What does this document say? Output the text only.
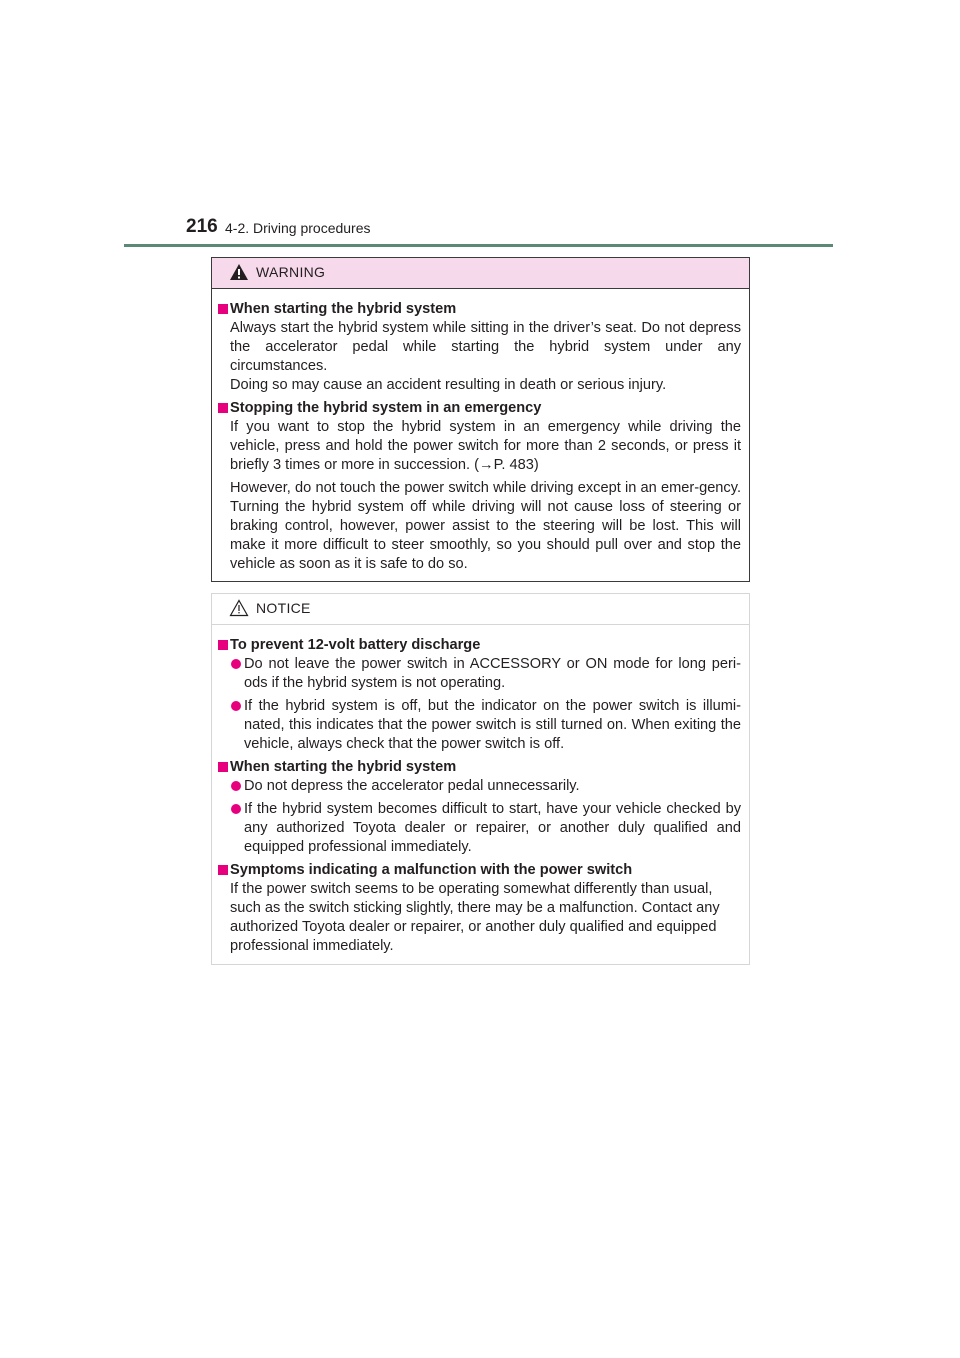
216 4-2. Driving procedures
WARNING
When starting the hybrid system
Always start the hybrid system while sitting in the driver’s seat. Do not depress the accelerator pedal while starting the hybrid system under any circumstances.
Doing so may cause an accident resulting in death or serious injury.
Stopping the hybrid system in an emergency
If you want to stop the hybrid system in an emergency while driving the vehicle, press and hold the power switch for more than 2 seconds, or press it briefly 3 times or more in succession. (→P. 483)
However, do not touch the power switch while driving except in an emer-gency. Turning the hybrid system off while driving will not cause loss of steering or braking control, however, power assist to the steering will be lost. This will make it more difficult to steer smoothly, so you should pull over and stop the vehicle as soon as it is safe to do so.
NOTICE
To prevent 12-volt battery discharge
Do not leave the power switch in ACCESSORY or ON mode for long peri-ods if the hybrid system is not operating.
If the hybrid system is off, but the indicator on the power switch is illumi-nated, this indicates that the power switch is still turned on. When exiting the vehicle, always check that the power switch is off.
When starting the hybrid system
Do not depress the accelerator pedal unnecessarily.
If the hybrid system becomes difficult to start, have your vehicle checked by any authorized Toyota dealer or repairer, or another duly qualified and equipped professional immediately.
Symptoms indicating a malfunction with the power switch
If the power switch seems to be operating somewhat differently than usual, such as the switch sticking slightly, there may be a malfunction. Contact any authorized Toyota dealer or repairer, or another duly qualified and equipped professional immediately.
